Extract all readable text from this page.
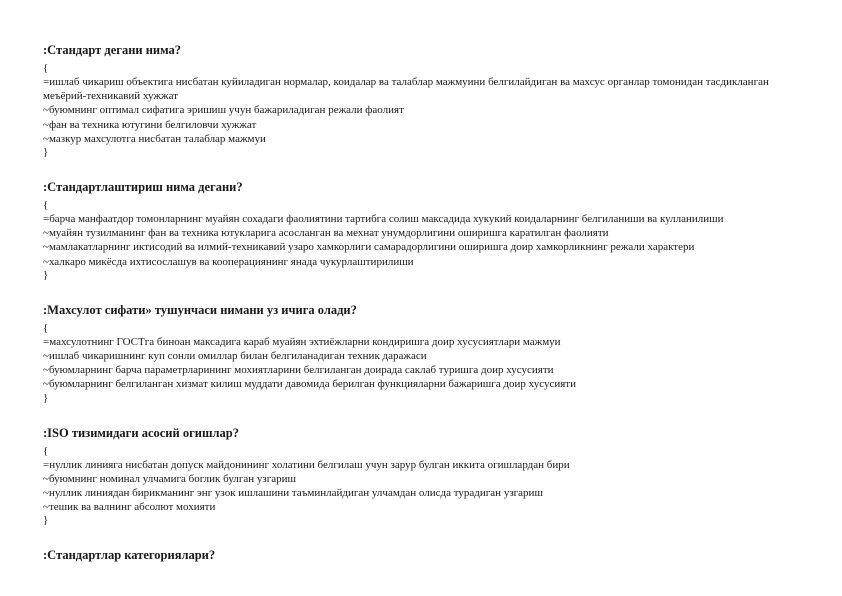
:Стандарт дегани нима?
{
=ишлаб чикариш объектига нисбатан куйиладиган нормалар, коидалар ва талаблар мажмуини белгилайдиган ва махсус органлар томонидан тасдикланган меъёрий-техникавий хужжат
~буюмнинг оптимал сифатига эришиш учун бажариладиган режали фаолият
~фан ва техника ютугини белгиловчи хужжат
~мазкур махсулотга нисбатан талаблар мажмуи
}
:Стандартлаштириш нима дегани?
{
=барча манфаатдор томонларнинг муайян сохадаги фаолиятини тартибга солиш максадида хукукий коидаларнинг белгиланиши ва кулланилиши
~муайян тузилманинг фан ва техника ютукларига асосланган ва мехнат унумдорлигини оширишга каратилган фаолияти
~мамлакатларнинг иктисодий ва илмий-техникавий узаро хамкорлиги самарадорлигини оширишга доир хамкорликнинг режали характери
~халкаро микёсда ихтисослашув ва кооперациянинг янада чукурлаштирилиши
}
:Махсулот сифати» тушунчаси нимани уз ичига олади?
{
=махсулотнинг ГОСТга биноан максадига караб муайян эхтиёжларни кондиришга доир хусусиятлари мажмуи
~ишлаб чикаришнинг куп сонли омиллар билан белгиланадиган техник даражаси
~буюмларнинг барча параметрларининг мохиятларини белгиланган доирада саклаб туришга доир хусусияти
~буюмларнинг белгиланган хизмат килиш муддати давомида берилган функцияларни бажаришга доир хусусияти
}
:ISO тизимидаги асосий огишлар?
{
=нуллик линияга нисбатан допуск майдонининг холатини белгилаш учун зарур булган иккита огишлардан бири
~буюмнинг номинал улчамига боглик булган узгариш
~нуллик линиядан бирикманинг энг узок ишлашини таъминлайдиган улчамдан олисда турадиган узгариш
~тешик ва валнинг абсолют мохияти
}
:Стандартлар категориялари?
